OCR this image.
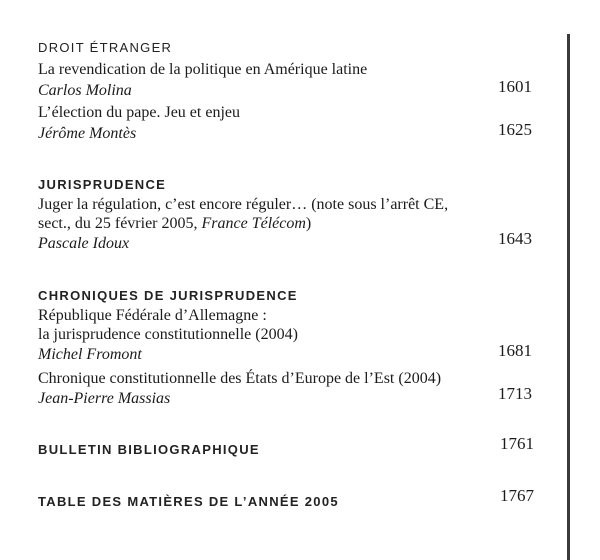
DROIT ÉTRANGER
La revendication de la politique en Amérique latine
Carlos Molina	1601
L’élection du pape. Jeu et enjeu
Jérôme Montès	1625
JURISPRUDENCE
Juger la régulation, c’est encore réguler… (note sous l’arrêt CE,
sect., du 25 février 2005, France Télécom)
Pascale Idoux	1643
CHRONIQUES DE JURISPRUDENCE
République Fédérale d’Allemagne :
la jurisprudence constitutionnelle (2004)
Michel Fromont	1681
Chronique constitutionnelle des États d’Europe de l’Est (2004)
Jean-Pierre Massias	1713
BULLETIN BIBLIOGRAPHIQUE	1761
TABLE DES MATIÈRES DE L’ANNÉE 2005	1767
